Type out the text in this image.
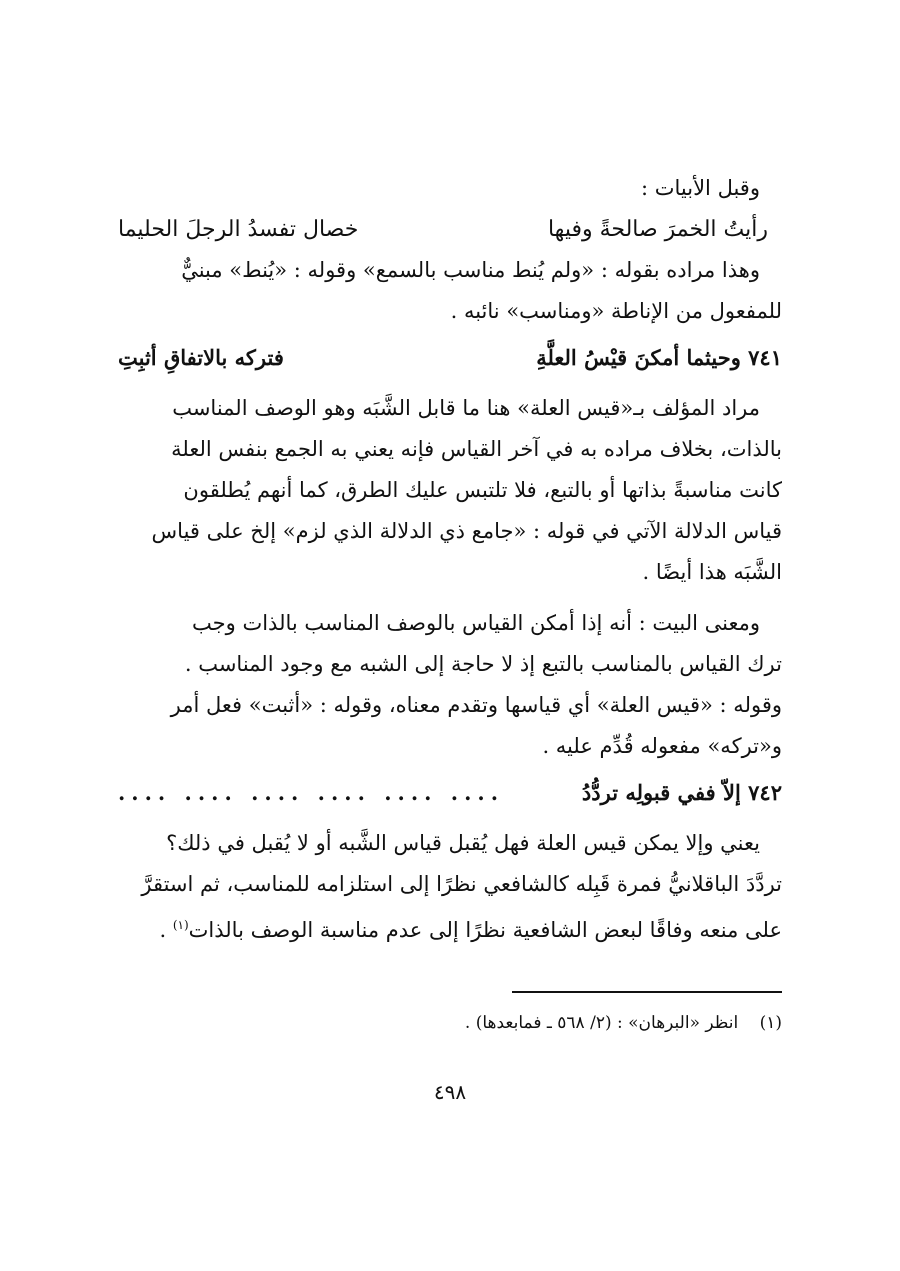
وقبل الأبيات :

رأيتُ الخمرَ صالحةً وفيها
خصال تفسدُ الرجلَ الحليما

وهذا مراده بقوله : «ولم يُنط مناسب بالسمع» وقوله : «يُنط» مبنيٌّ

للمفعول من الإناطة «ومناسب» نائبه .

٧٤١ وحيثما أمكنَ قيْسُ العلَّةِ
فتركه بالاتفاقِ أثبِتِ

مراد المؤلف بـ«قيس العلة» هنا ما قابل الشَّبَه وهو الوصف المناسب

بالذات، بخلاف مراده به في آخر القياس فإنه يعني به الجمع بنفس العلة

كانت مناسبةً بذاتها أو بالتبع، فلا تلتبس عليك الطرق، كما أنهم يُطلقون

قياس الدلالة الآتي في قوله : «جامع ذي الدلالة الذي لزم» إلخ على قياس

الشَّبَه هذا أيضًا .

ومعنى البيت : أنه إذا أمكن القياس بالوصف المناسب بالذات وجب

ترك القياس بالمناسب بالتبع إذ لا حاجة إلى الشبه مع وجود المناسب .

وقوله : «قيس العلة» أي قياسها وتقدم معناه، وقوله : «أثبت» فعل أمر

و«تركه» مفعوله قُدِّم عليه .

٧٤٢ إلاّ ففي قبولِه تردُّدُ
.... .... .... .... .... ....

يعني وإلا يمكن قيس العلة فهل يُقبل قياس الشَّبه أو لا يُقبل في ذلك؟

تردَّدَ الباقلانيُّ فمرة قَبِله كالشافعي نظرًا إلى استلزامه للمناسب، ثم استقرَّ

على منعه وفاقًا لبعض الشافعية نظرًا إلى عدم مناسبة الوصف بالذات$^{(١)}$ .

(١) انظر «البرهان» : (٢/ ٥٦٨ ـ فمابعدها) .
٤٩٨
